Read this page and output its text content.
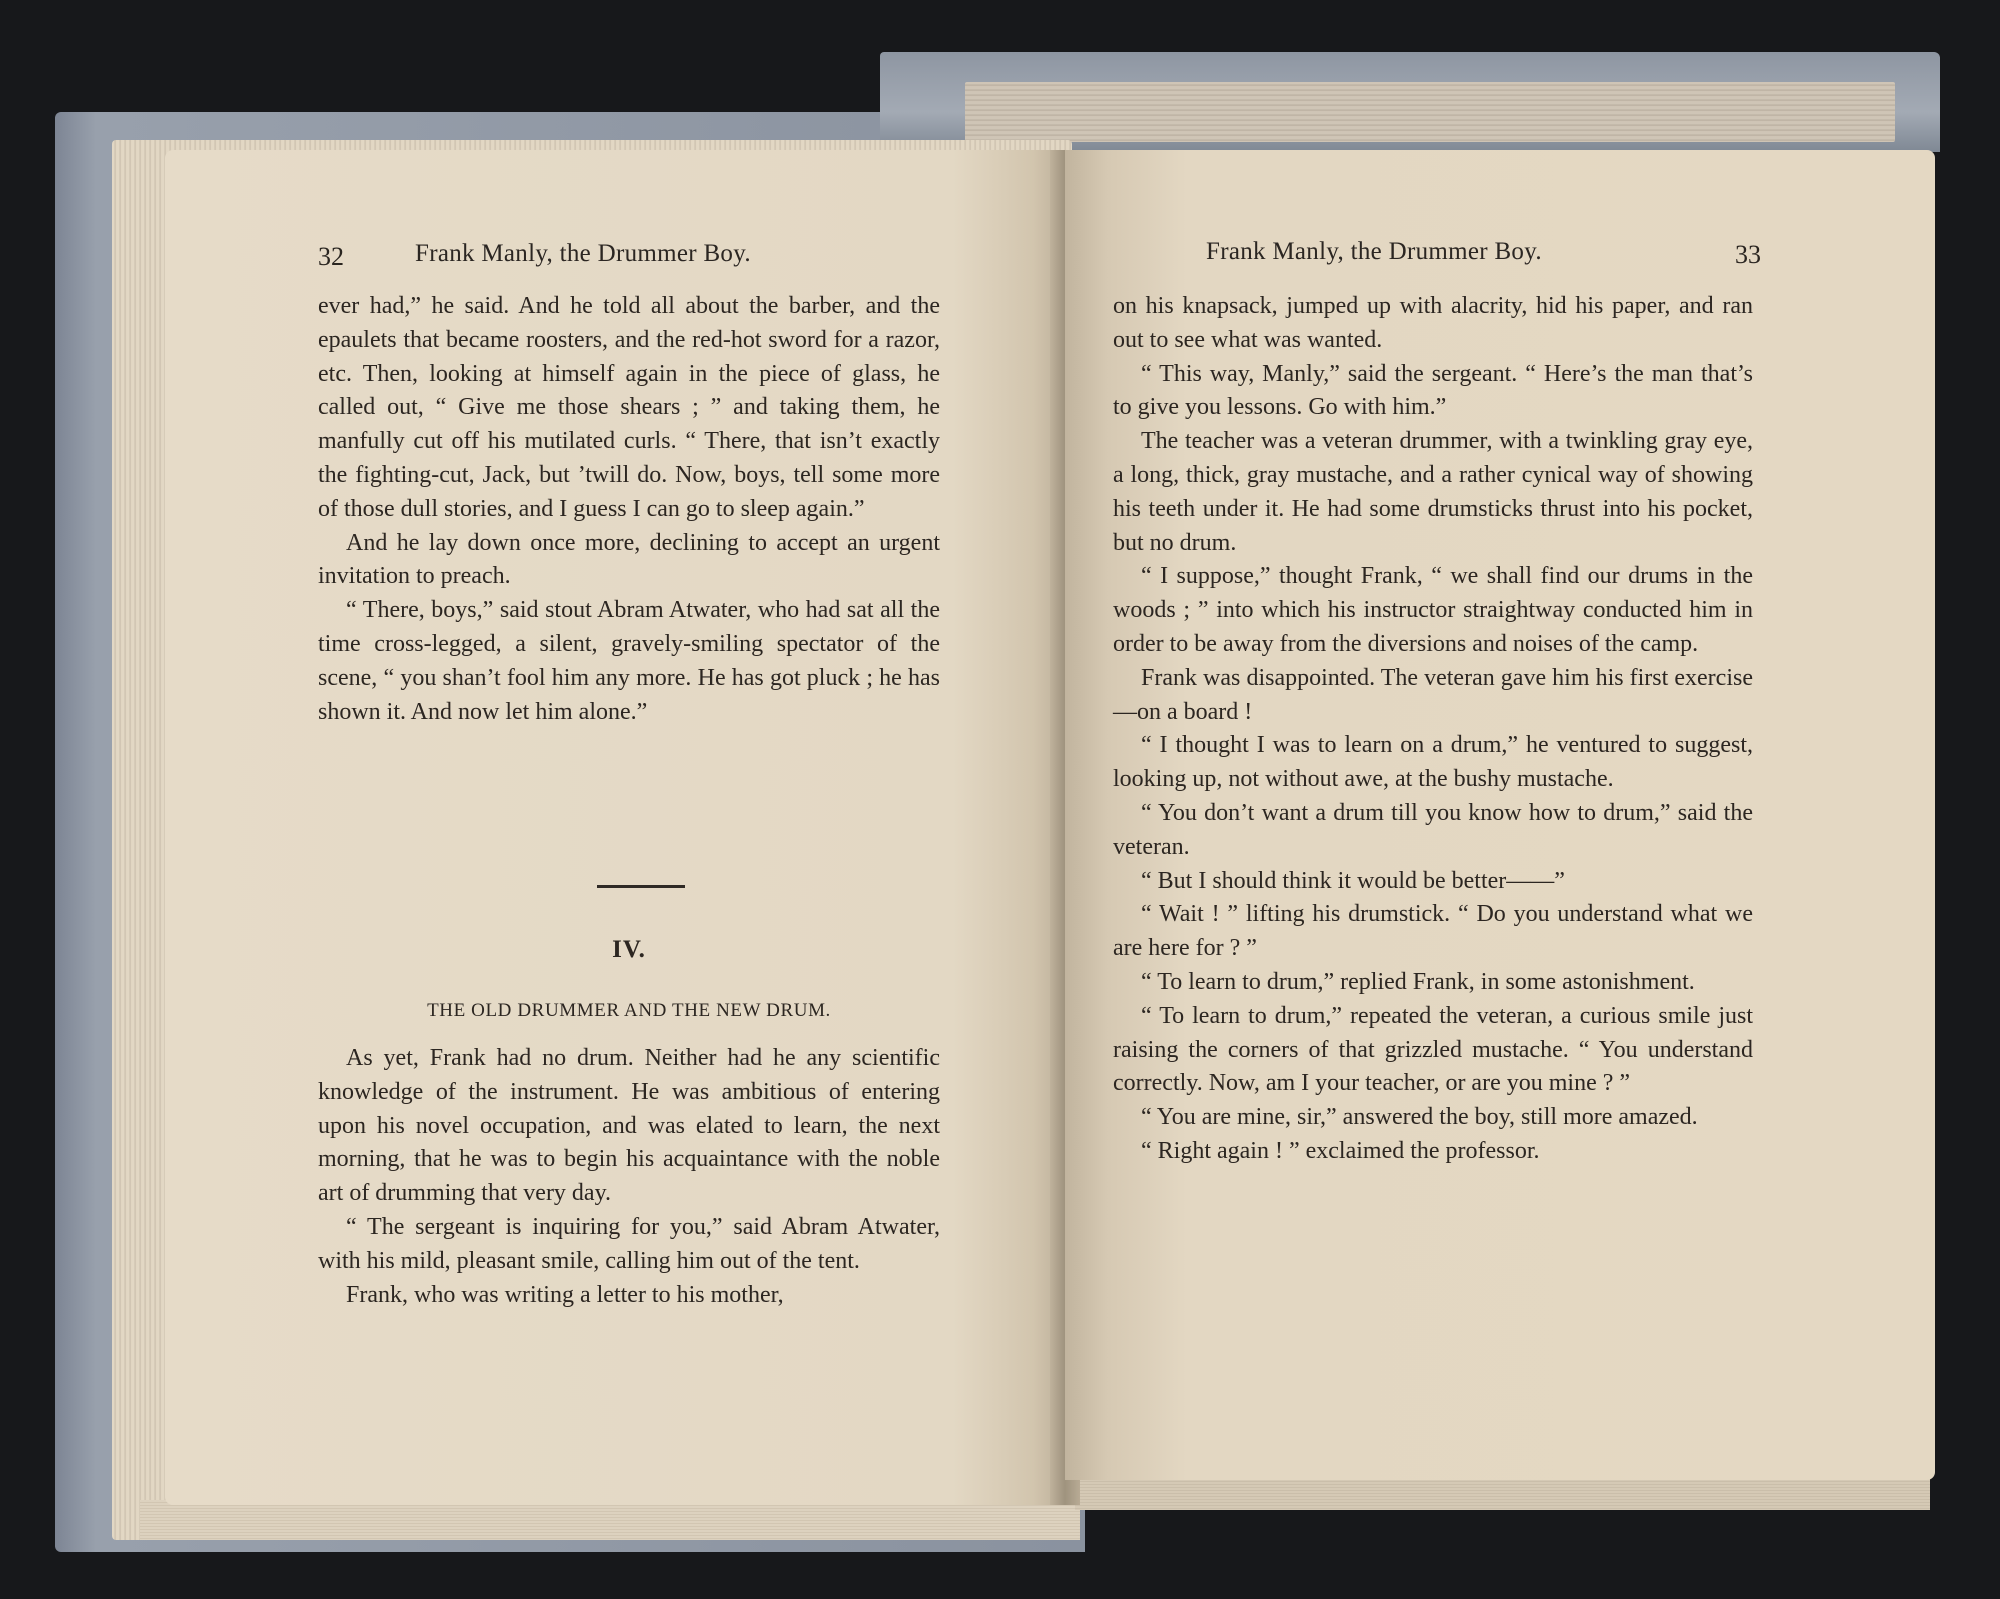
32	Frank Manly, the Drummer Boy.

ever had,” he said. And he told all about the barber, and the epaulets that became roosters, and the red-hot sword for a razor, etc. Then, looking at himself again in the piece of glass, he called out, “ Give me those shears ; ” and taking them, he manfully cut off his mutilated curls. “ There, that isn’t exactly the fighting-cut, Jack, but ’twill do. Now, boys, tell some more of those dull stories, and I guess I can go to sleep again.”

And he lay down once more, declining to accept an urgent invitation to preach.

“ There, boys,” said stout Abram Atwater, who had sat all the time cross-legged, a silent, gravely-smiling spectator of the scene, “ you shan’t fool him any more. He has got pluck ; he has shown it. And now let him alone.”

IV.
THE OLD DRUMMER AND THE NEW DRUM.

As yet, Frank had no drum. Neither had he any scientific knowledge of the instrument. He was ambitious of entering upon his novel occupation, and was elated to learn, the next morning, that he was to begin his acquaintance with the noble art of drumming that very day.

“ The sergeant is inquiring for you,” said Abram Atwater, with his mild, pleasant smile, calling him out of the tent.

Frank, who was writing a letter to his mother,

Frank Manly, the Drummer Boy.	33

on his knapsack, jumped up with alacrity, hid his paper, and ran out to see what was wanted.

“ This way, Manly,” said the sergeant. “ Here’s the man that’s to give you lessons. Go with him.”

The teacher was a veteran drummer, with a twinkling gray eye, a long, thick, gray mustache, and a rather cynical way of showing his teeth under it. He had some drumsticks thrust into his pocket, but no drum.

“ I suppose,” thought Frank, “ we shall find our drums in the woods ; ” into which his instructor straightway conducted him in order to be away from the diversions and noises of the camp.

Frank was disappointed. The veteran gave him his first exercise—on a board !

“ I thought I was to learn on a drum,” he ventured to suggest, looking up, not without awe, at the bushy mustache.

“ You don’t want a drum till you know how to drum,” said the veteran.

“ But I should think it would be better——”

“ Wait ! ” lifting his drumstick. “ Do you understand what we are here for ? ”

“ To learn to drum,” replied Frank, in some astonishment.

“ To learn to drum,” repeated the veteran, a curious smile just raising the corners of that grizzled mustache. “ You understand correctly. Now, am I your teacher, or are you mine ? ”

“ You are mine, sir,” answered the boy, still more amazed.

“ Right again ! ” exclaimed the professor.
